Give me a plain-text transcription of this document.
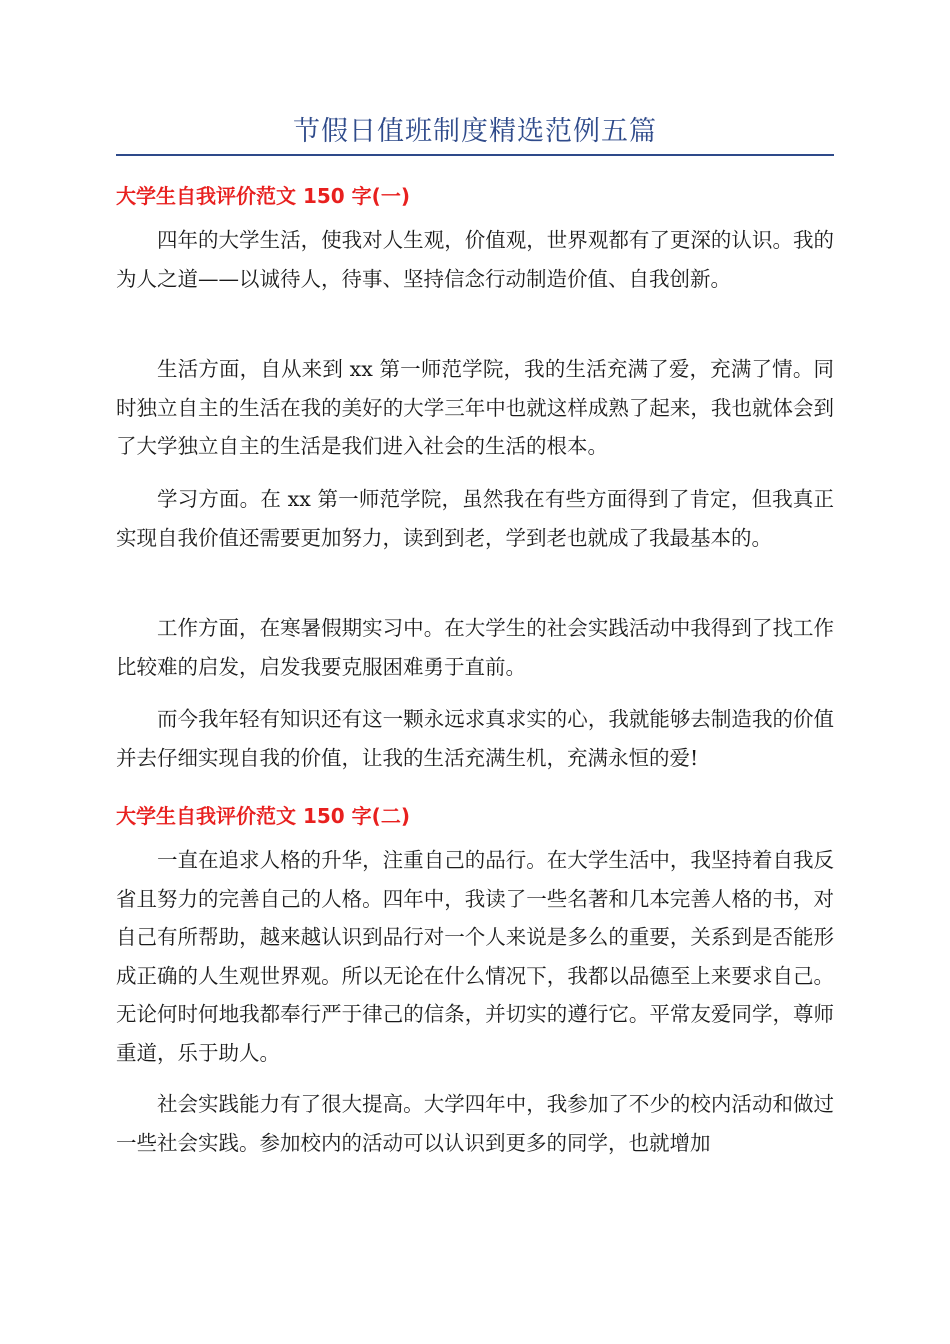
节假日值班制度精选范例五篇
大学生自我评价范文 150 字(一)

四年的大学生活，使我对人生观，价值观，世界观都有了更深的认识。我的为人之道——以诚待人，待事、坚持信念行动制造价值、自我创新。

生活方面，自从来到 xx 第一师范学院，我的生活充满了爱，充满了情。同时独立自主的生活在我的美好的大学三年中也就这样成熟了起来，我也就体会到了大学独立自主的生活是我们进入社会的生活的根本。

学习方面。在 xx 第一师范学院，虽然我在有些方面得到了肯定，但我真正实现自我价值还需要更加努力，读到到老，学到老也就成了我最基本的。

工作方面，在寒暑假期实习中。在大学生的社会实践活动中我得到了找工作比较难的启发，启发我要克服困难勇于直前。

而今我年轻有知识还有这一颗永远求真求实的心，我就能够去制造我的价值并去仔细实现自我的价值，让我的生活充满生机，充满永恒的爱!

大学生自我评价范文 150 字(二)

一直在追求人格的升华，注重自己的品行。在大学生活中，我坚持着自我反省且努力的完善自己的人格。四年中，我读了一些名著和几本完善人格的书，对自己有所帮助，越来越认识到品行对一个人来说是多么的重要，关系到是否能形成正确的人生观世界观。所以无论在什么情况下，我都以品德至上来要求自己。无论何时何地我都奉行严于律己的信条，并切实的遵行它。平常友爱同学，尊师重道，乐于助人。

社会实践能力有了很大提高。大学四年中，我参加了不少的校内活动和做过一些社会实践。参加校内的活动可以认识到更多的同学，也就增加
